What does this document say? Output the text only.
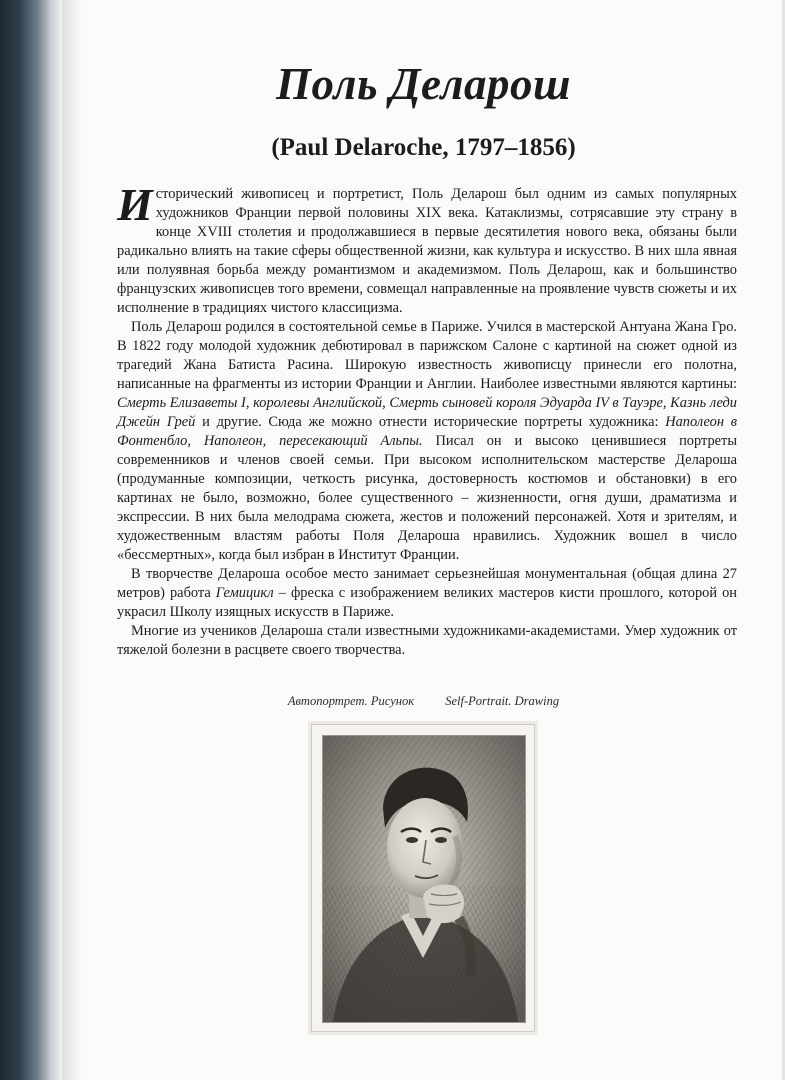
Поль Деларош
(Paul Delaroche, 1797–1856)

Исторический живописец и портретист, Поль Деларош был одним из самых популярных художников Франции первой половины XIX века. Катаклизмы, сотрясавшие эту страну в конце XVIII столетия и продолжавшиеся в первые десятилетия нового века, обязаны были радикально влиять на такие сферы общественной жизни, как культура и искусство. В них шла явная или полуявная борьба между романтизмом и академизмом. Поль Деларош, как и большинство французских живописцев того времени, совмещал направленные на проявление чувств сюжеты и их исполнение в традициях чистого классицизма.

Поль Деларош родился в состоятельной семье в Париже. Учился в мастерской Антуана Жана Гро. В 1822 году молодой художник дебютировал в парижском Салоне с картиной на сюжет одной из трагедий Жана Батиста Расина. Широкую известность живописцу принесли его полотна, написанные на фрагменты из истории Франции и Англии. Наиболее известными являются картины: Смерть Елизаветы I, королевы Английской, Смерть сыновей короля Эдуарда IV в Тауэре, Казнь леди Джейн Грей и другие. Сюда же можно отнести исторические портреты художника: Наполеон в Фонтенбло, Наполеон, пересекающий Альпы. Писал он и высоко ценившиеся портреты современников и членов своей семьи. При высоком исполнительском мастерстве Делароша (продуманные композиции, четкость рисунка, достоверность костюмов и обстановки) в его картинах не было, возможно, более существенного – жизненности, огня души, драматизма и экспрессии. В них была мелодрама сюжета, жестов и положений персонажей. Хотя и зрителям, и художественным властям работы Поля Делароша нравились. Художник вошел в число «бессмертных», когда был избран в Институт Франции.

В творчестве Делароша особое место занимает серьезнейшая монументальная (общая длина 27 метров) работа Гемицикл – фреска с изображением великих мастеров кисти прошлого, которой он украсил Школу изящных искусств в Париже.

Многие из учеников Делароша стали известными художниками-академистами. Умер художник от тяжелой болезни в расцвете своего творчества.

Автопортрет. Рисунок Self-Portrait. Drawing
